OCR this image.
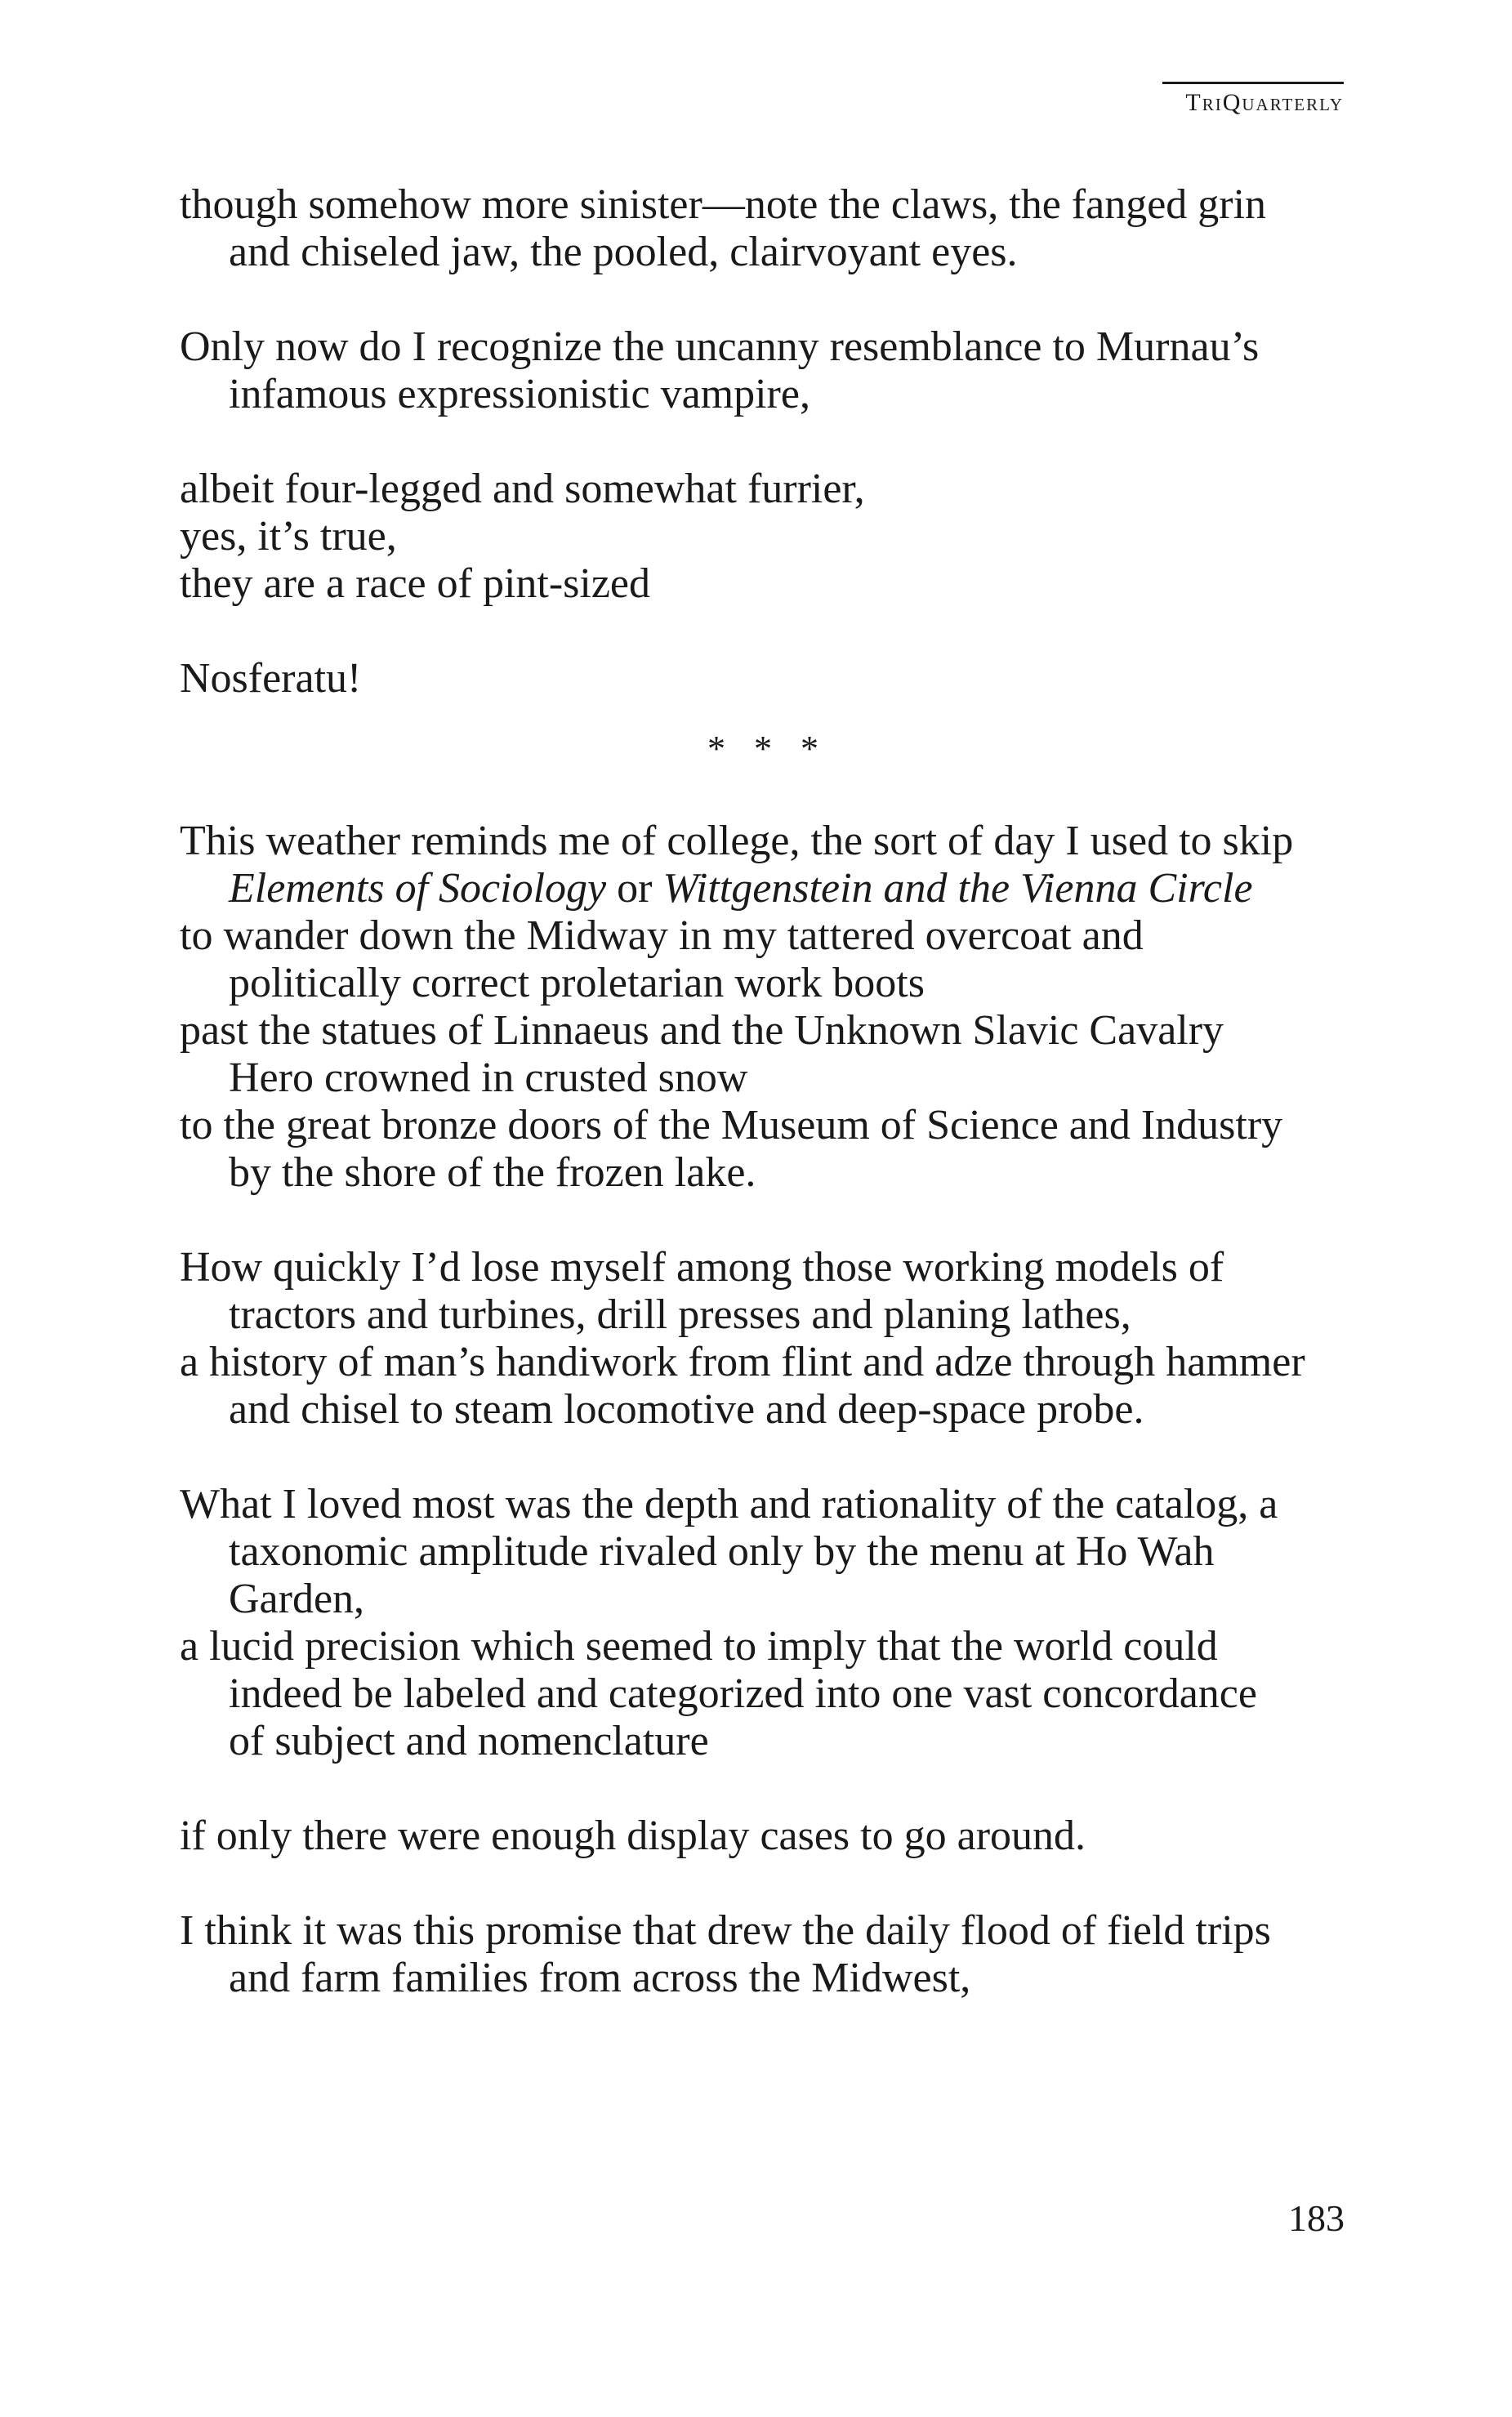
TriQuarterly
though somehow more sinister—note the claws, the fanged grin
and chiseled jaw, the pooled, clairvoyant eyes.
Only now do I recognize the uncanny resemblance to Murnau’s
infamous expressionistic vampire,
albeit four-legged and somewhat furrier,
yes, it’s true,
they are a race of pint-sized
Nosferatu!
* * *
This weather reminds me of college, the sort of day I used to skip
Elements of Sociology or Wittgenstein and the Vienna Circle
to wander down the Midway in my tattered overcoat and
politically correct proletarian work boots
past the statues of Linnaeus and the Unknown Slavic Cavalry
Hero crowned in crusted snow
to the great bronze doors of the Museum of Science and Industry
by the shore of the frozen lake.
How quickly I’d lose myself among those working models of
tractors and turbines, drill presses and planing lathes,
a history of man’s handiwork from flint and adze through hammer
and chisel to steam locomotive and deep-space probe.
What I loved most was the depth and rationality of the catalog, a
taxonomic amplitude rivaled only by the menu at Ho Wah
Garden,
a lucid precision which seemed to imply that the world could
indeed be labeled and categorized into one vast concordance
of subject and nomenclature
if only there were enough display cases to go around.
I think it was this promise that drew the daily flood of field trips
and farm families from across the Midwest,
183
